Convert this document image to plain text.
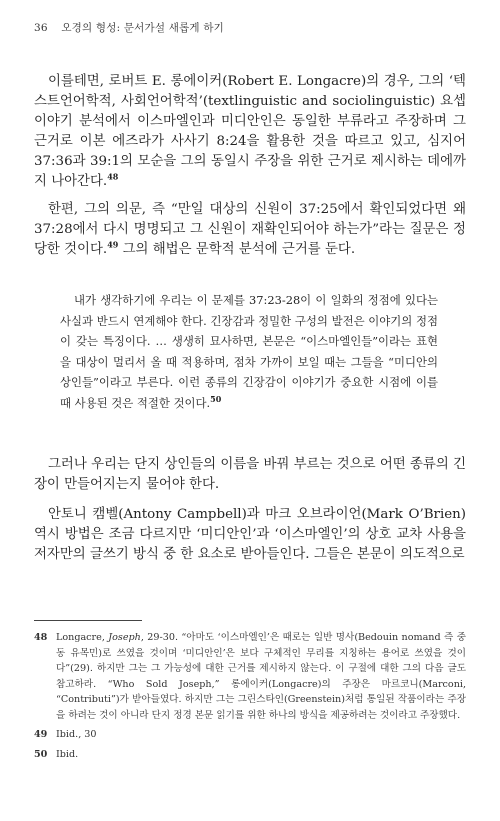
36 오경의 형성: 문서가설 새롭게 하기

이를테면, 로버트 E. 롱에이커(Robert E. Longacre)의 경우, 그의 ‘텍스트언어학적, 사회언어학적’(textlinguistic and sociolinguistic) 요셉 이야기 분석에서 이스마엘인과 미디안인은 동일한 부류라고 주장하며 그 근거로 이본 에즈라가 사사기 8:24을 활용한 것을 따르고 있고, 심지어 37:36과 39:1의 모순을 그의 동일시 주장을 위한 근거로 제시하는 데에까지 나아간다.$^{48}$

한편, 그의 의문, 즉 “만일 대상의 신원이 37:25에서 확인되었다면 왜 37:28에서 다시 명명되고 그 신원이 재확인되어야 하는가”라는 질문은 정당한 것이다.$^{49}$ 그의 해법은 문학적 분석에 근거를 둔다.

내가 생각하기에 우리는 이 문제를 37:23-28이 이 일화의 정점에 있다는 사실과 반드시 연계해야 한다. 긴장감과 정밀한 구성의 발전은 이야기의 정점이 갖는 특징이다. … 생생히 묘사하면, 본문은 “이스마엘인들”이라는 표현을 대상이 멀리서 올 때 적용하며, 점차 가까이 보일 때는 그들을 “미디안의 상인들”이라고 부른다. 이런 종류의 긴장감이 이야기가 중요한 시점에 이를 때 사용된 것은 적절한 것이다.$^{50}$

그러나 우리는 단지 상인들의 이름을 바꿔 부르는 것으로 어떤 종류의 긴장이 만들어지는지 물어야 한다.

안토니 캠벨(Antony Campbell)과 마크 오브라이언(Mark O’Brien) 역시 방법은 조금 다르지만 ‘미디안인’과 ‘이스마엘인’의 상호 교차 사용을 저자만의 글쓰기 방식 중 한 요소로 받아들인다. 그들은 본문이 의도적으로

48 Longacre, Joseph, 29-30. “아마도 ‘이스마엘인’은 때로는 일반 명사(Bedouin nomand 즉 중동 유목민)로 쓰였을 것이며 ‘미디안인’은 보다 구체적인 무리를 지칭하는 용어로 쓰였을 것이다”(29). 하지만 그는 그 가능성에 대한 근거를 제시하지 않는다. 이 구절에 대한 그의 다음 글도 참고하라. “Who Sold Joseph,” 롱에이커(Longacre)의 주장은 마르코니(Marconi, “Contributi”)가 받아들였다. 하지만 그는 그린스타인(Greenstein)처럼 통일된 작품이라는 주장을 하려는 것이 아니라 단지 정경 본문 읽기를 위한 하나의 방식을 제공하려는 것이라고 주장했다.
49 Ibid., 30
50 Ibid.
